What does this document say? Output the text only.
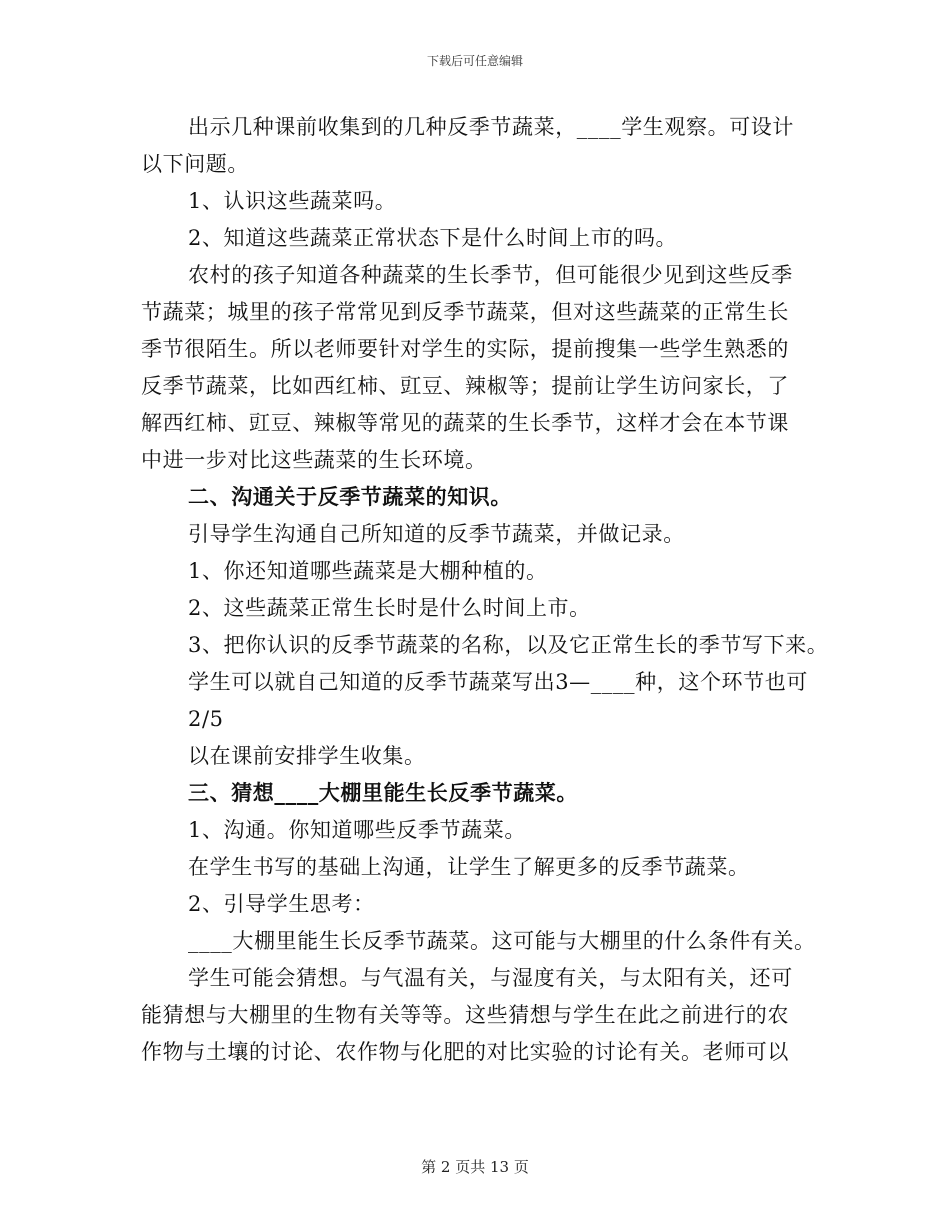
下载后可任意编辑
出示几种课前收集到的几种反季节蔬菜，____学生观察。可设计
以下问题。
1、认识这些蔬菜吗。
2、知道这些蔬菜正常状态下是什么时间上市的吗。
农村的孩子知道各种蔬菜的生长季节，但可能很少见到这些反季
节蔬菜；城里的孩子常常见到反季节蔬菜，但对这些蔬菜的正常生长
季节很陌生。所以老师要针对学生的实际，提前搜集一些学生熟悉的
反季节蔬菜，比如西红柿、豇豆、辣椒等；提前让学生访问家长，了
解西红柿、豇豆、辣椒等常见的蔬菜的生长季节，这样才会在本节课
中进一步对比这些蔬菜的生长环境。
二、沟通关于反季节蔬菜的知识。
引导学生沟通自己所知道的反季节蔬菜，并做记录。
1、你还知道哪些蔬菜是大棚种植的。
2、这些蔬菜正常生长时是什么时间上市。
3、把你认识的反季节蔬菜的名称，以及它正常生长的季节写下来。
学生可以就自己知道的反季节蔬菜写出3—____种，这个环节也可
2/5
以在课前安排学生收集。
三、猜想____大棚里能生长反季节蔬菜。
1、沟通。你知道哪些反季节蔬菜。
在学生书写的基础上沟通，让学生了解更多的反季节蔬菜。
2、引导学生思考：
____大棚里能生长反季节蔬菜。这可能与大棚里的什么条件有关。
学生可能会猜想。与气温有关，与湿度有关，与太阳有关，还可
能猜想与大棚里的生物有关等等。这些猜想与学生在此之前进行的农
作物与土壤的讨论、农作物与化肥的对比实验的讨论有关。老师可以
第 2 页共 13 页
